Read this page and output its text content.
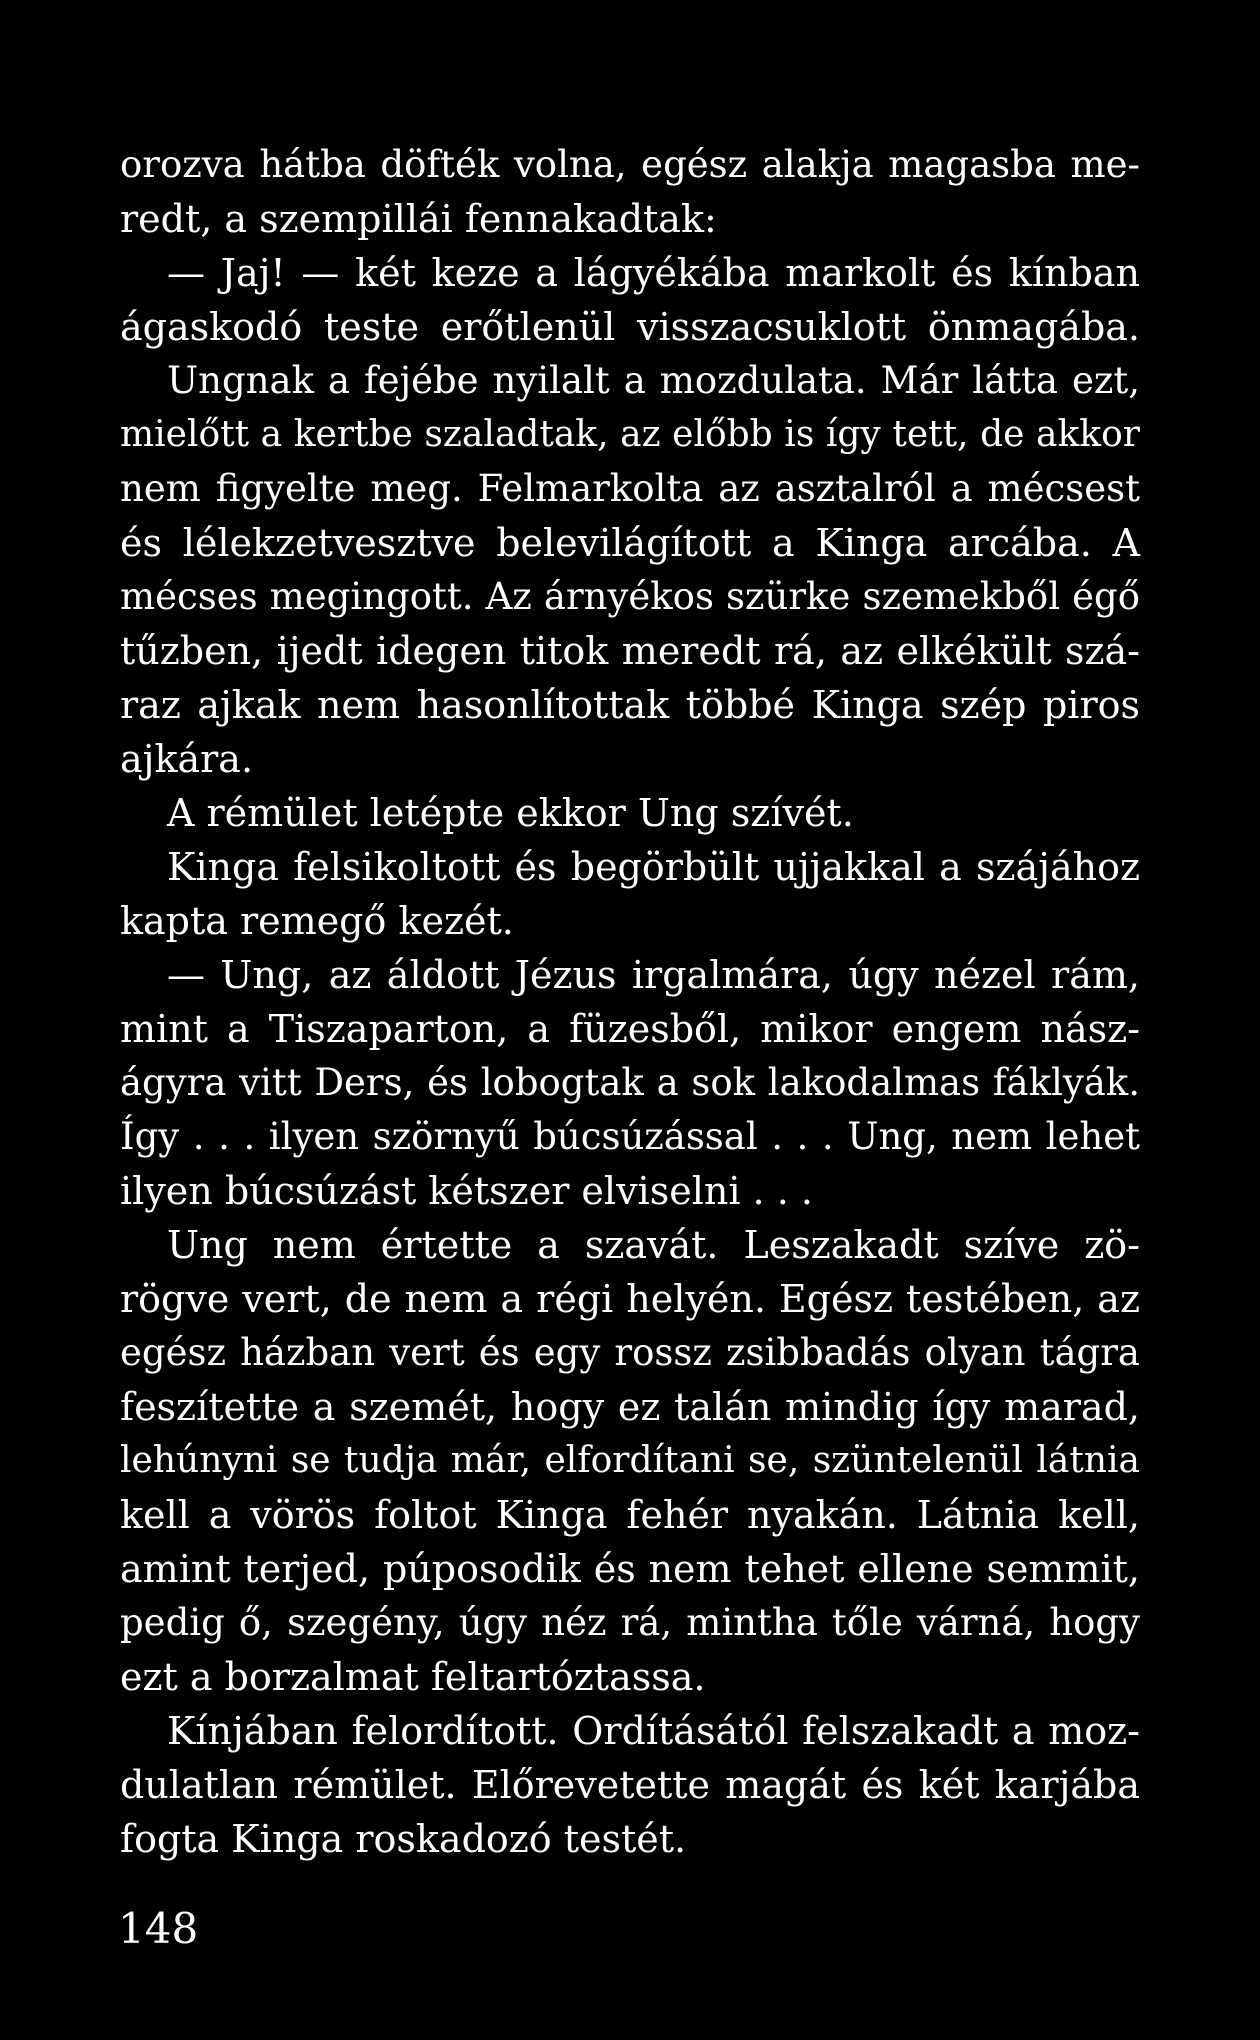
orozva hátba döfték volna, egész alakja magasba me-
redt, a szempillái fennakadtak:
— Jaj! — két keze a lágyékába markolt és kínban
ágaskodó teste erőtlenül visszacsuklott önmagába.
Ungnak a fejébe nyilalt a mozdulata. Már látta ezt,
mielőtt a kertbe szaladtak, az előbb is így tett, de akkor
nem figyelte meg. Felmarkolta az asztalról a mécsest
és lélekzetvesztve belevilágított a Kinga arcába. A
mécses megingott. Az árnyékos szürke szemekből égő
tűzben, ijedt idegen titok meredt rá, az elkékült szá-
raz ajkak nem hasonlítottak többé Kinga szép piros
ajkára.
A rémület letépte ekkor Ung szívét.
Kinga felsikoltott és begörbült ujjakkal a szájához
kapta remegő kezét.
— Ung, az áldott Jézus irgalmára, úgy nézel rám,
mint a Tiszaparton, a füzesből, mikor engem nász-
ágyra vitt Ders, és lobogtak a sok lakodalmas fáklyák.
Így . . . ilyen szörnyű búcsúzással . . . Ung, nem lehet
ilyen búcsúzást kétszer elviselni . . .
Ung nem értette a szavát. Leszakadt szíve zö-
rögve vert, de nem a régi helyén. Egész testében, az
egész házban vert és egy rossz zsibbadás olyan tágra
feszítette a szemét, hogy ez talán mindig így marad,
lehúnyni se tudja már, elfordítani se, szüntelenül látnia
kell a vörös foltot Kinga fehér nyakán. Látnia kell,
amint terjed, púposodik és nem tehet ellene semmit,
pedig ő, szegény, úgy néz rá, mintha tőle várná, hogy
ezt a borzalmat feltartóztassa.
Kínjában felordított. Ordításától felszakadt a moz-
dulatlan rémület. Előrevetette magát és két karjába
fogta Kinga roskadozó testét.
148
